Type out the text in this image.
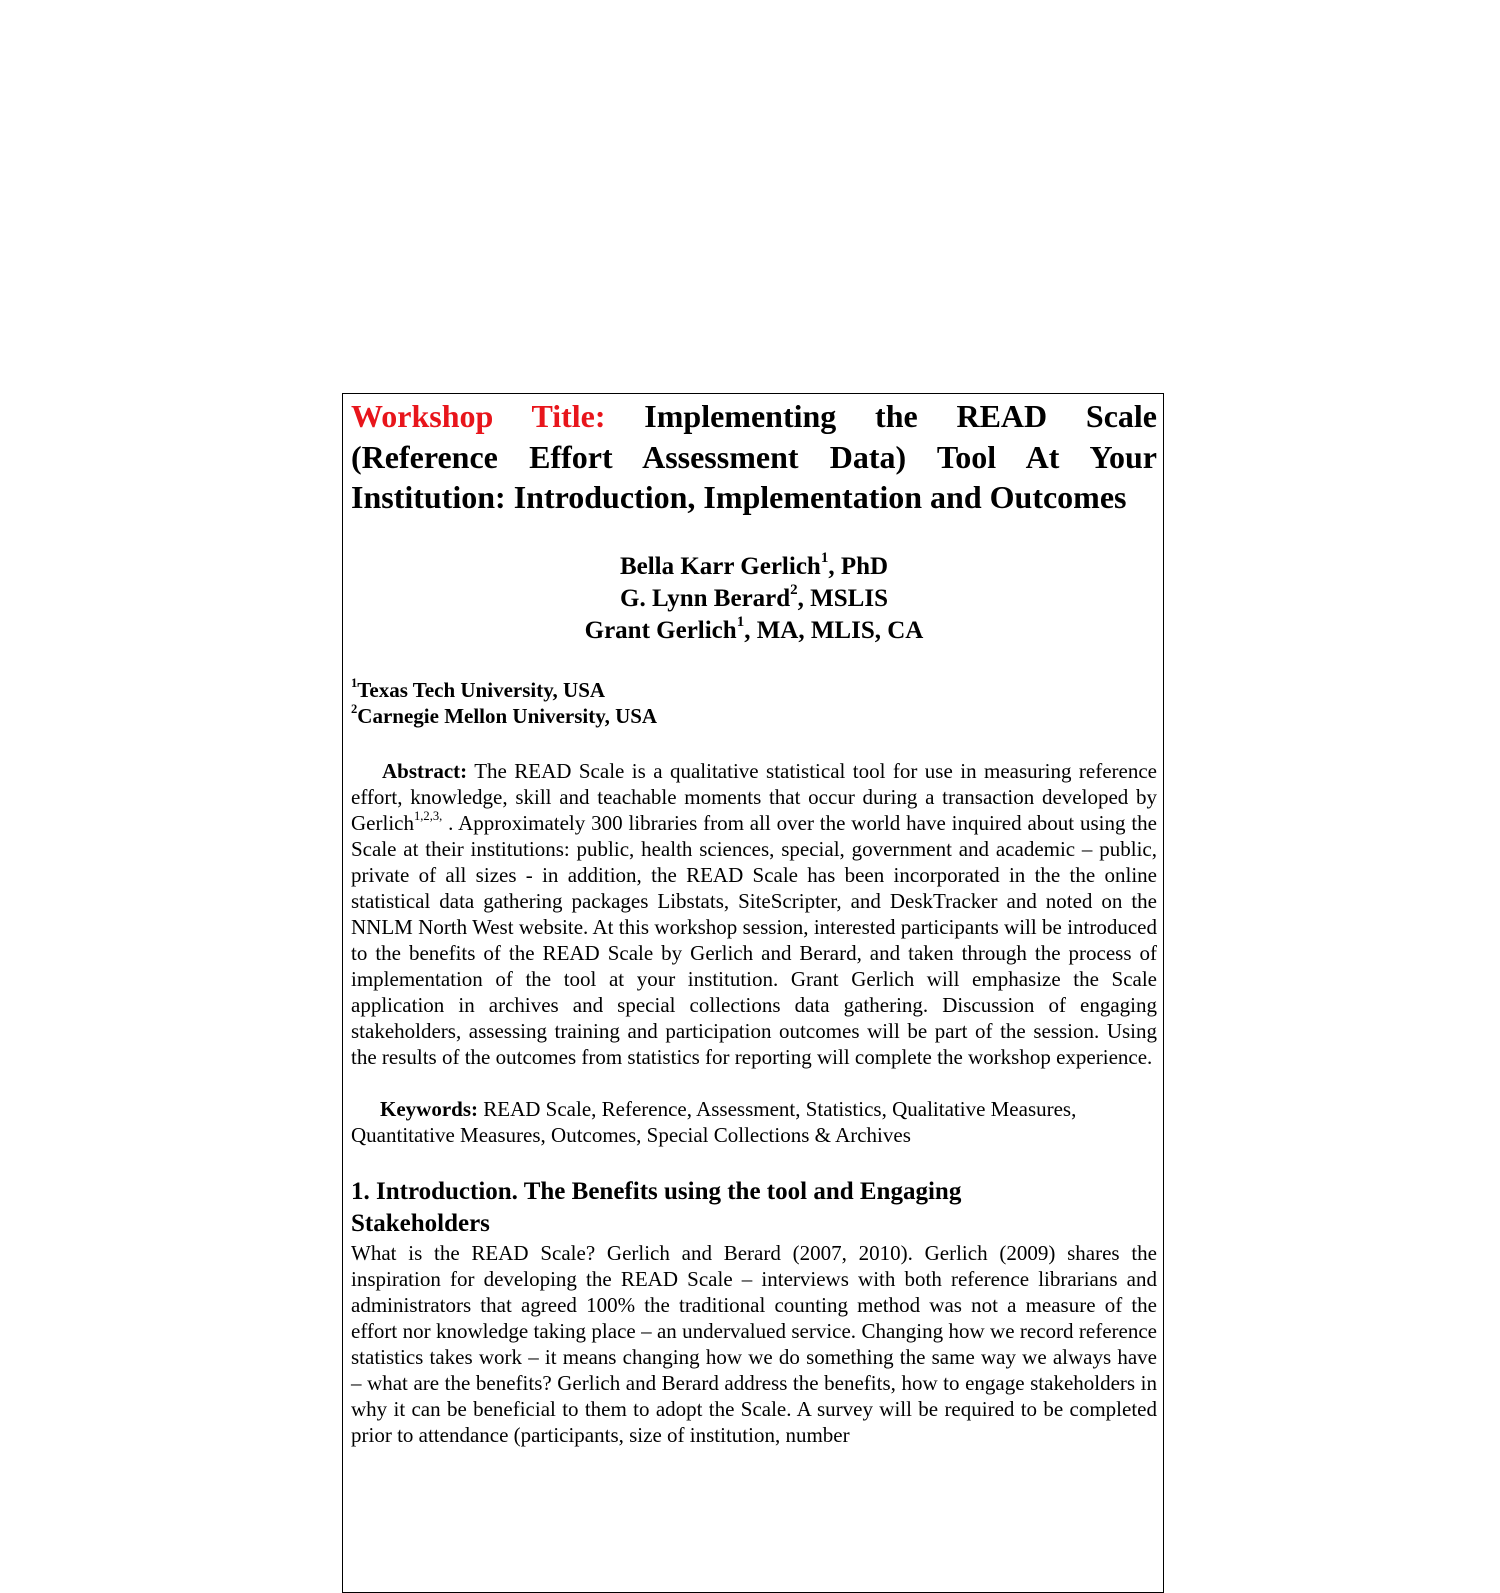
Workshop Title: Implementing the READ Scale (Reference Effort Assessment Data) Tool At Your Institution: Introduction, Implementation and Outcomes
Bella Karr Gerlich$^1$, PhD
G. Lynn Berard$^2$, MSLIS
Grant Gerlich$^1$, MA, MLIS, CA
$^1$Texas Tech University, USA
$^2$Carnegie Mellon University, USA

Abstract: The READ Scale is a qualitative statistical tool for use in measuring reference effort, knowledge, skill and teachable moments that occur during a transaction developed by Gerlich$^{1,2,3,}$ . Approximately 300 libraries from all over the world have inquired about using the Scale at their institutions: public, health sciences, special, government and academic – public, private of all sizes - in addition, the READ Scale has been incorporated in the the online statistical data gathering packages Libstats, SiteScripter, and DeskTracker and noted on the NNLM North West website. At this workshop session, interested participants will be introduced to the benefits of the READ Scale by Gerlich and Berard, and taken through the process of implementation of the tool at your institution. Grant Gerlich will emphasize the Scale application in archives and special collections data gathering. Discussion of engaging stakeholders, assessing training and participation outcomes will be part of the session. Using the results of the outcomes from statistics for reporting will complete the workshop experience.

Keywords: READ Scale, Reference, Assessment, Statistics, Qualitative Measures, Quantitative Measures, Outcomes, Special Collections & Archives

1. Introduction. The Benefits using the tool and Engaging Stakeholders

What is the READ Scale? Gerlich and Berard (2007, 2010). Gerlich (2009) shares the inspiration for developing the READ Scale – interviews with both reference librarians and administrators that agreed 100% the traditional counting method was not a measure of the effort nor knowledge taking place – an undervalued service. Changing how we record reference statistics takes work – it means changing how we do something the same way we always have – what are the benefits? Gerlich and Berard address the benefits, how to engage stakeholders in why it can be beneficial to them to adopt the Scale. A survey will be required to be completed prior to attendance (participants, size of institution, number
